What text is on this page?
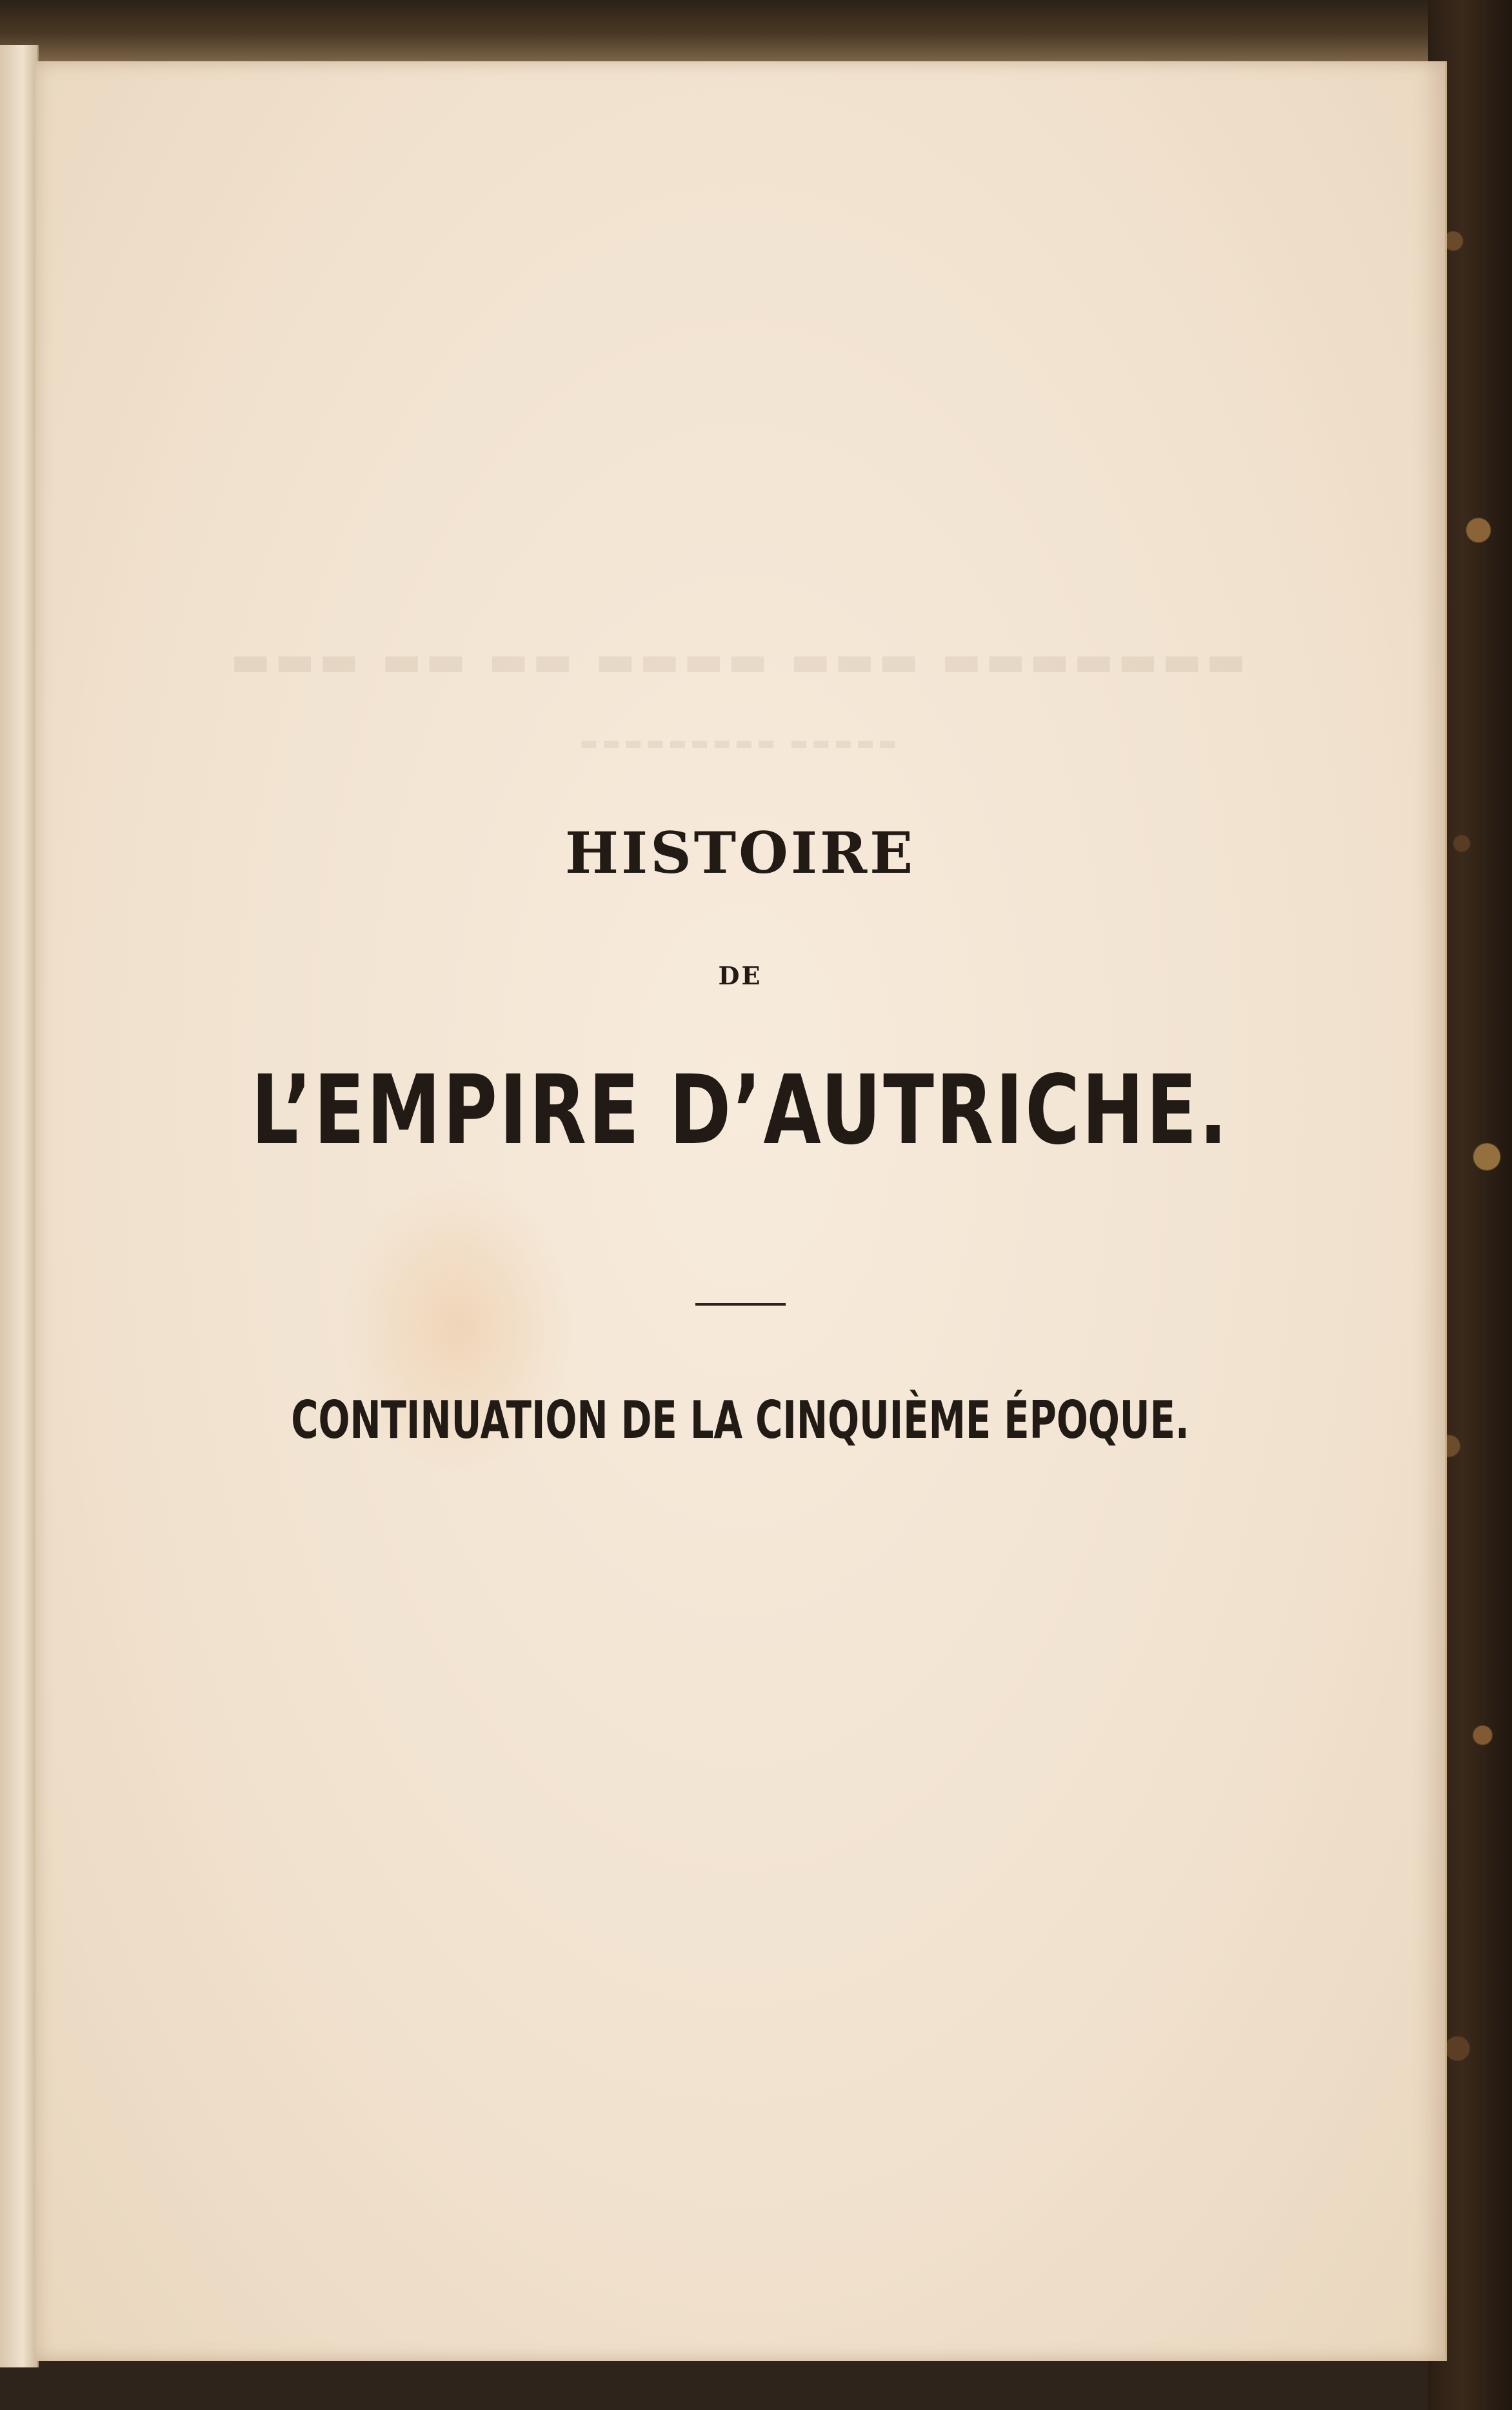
▬▬▬ ▬▬ ▬▬ ▬▬▬▬ ▬▬▬ ▬▬▬▬▬▬▬
▬▬▬▬▬▬▬▬▬ ▬▬▬▬▬

HISTOIRE

DE

L’EMPIRE D’AUTRICHE.

CONTINUATION DE LA CINQUIÈME ÉPOQUE.
